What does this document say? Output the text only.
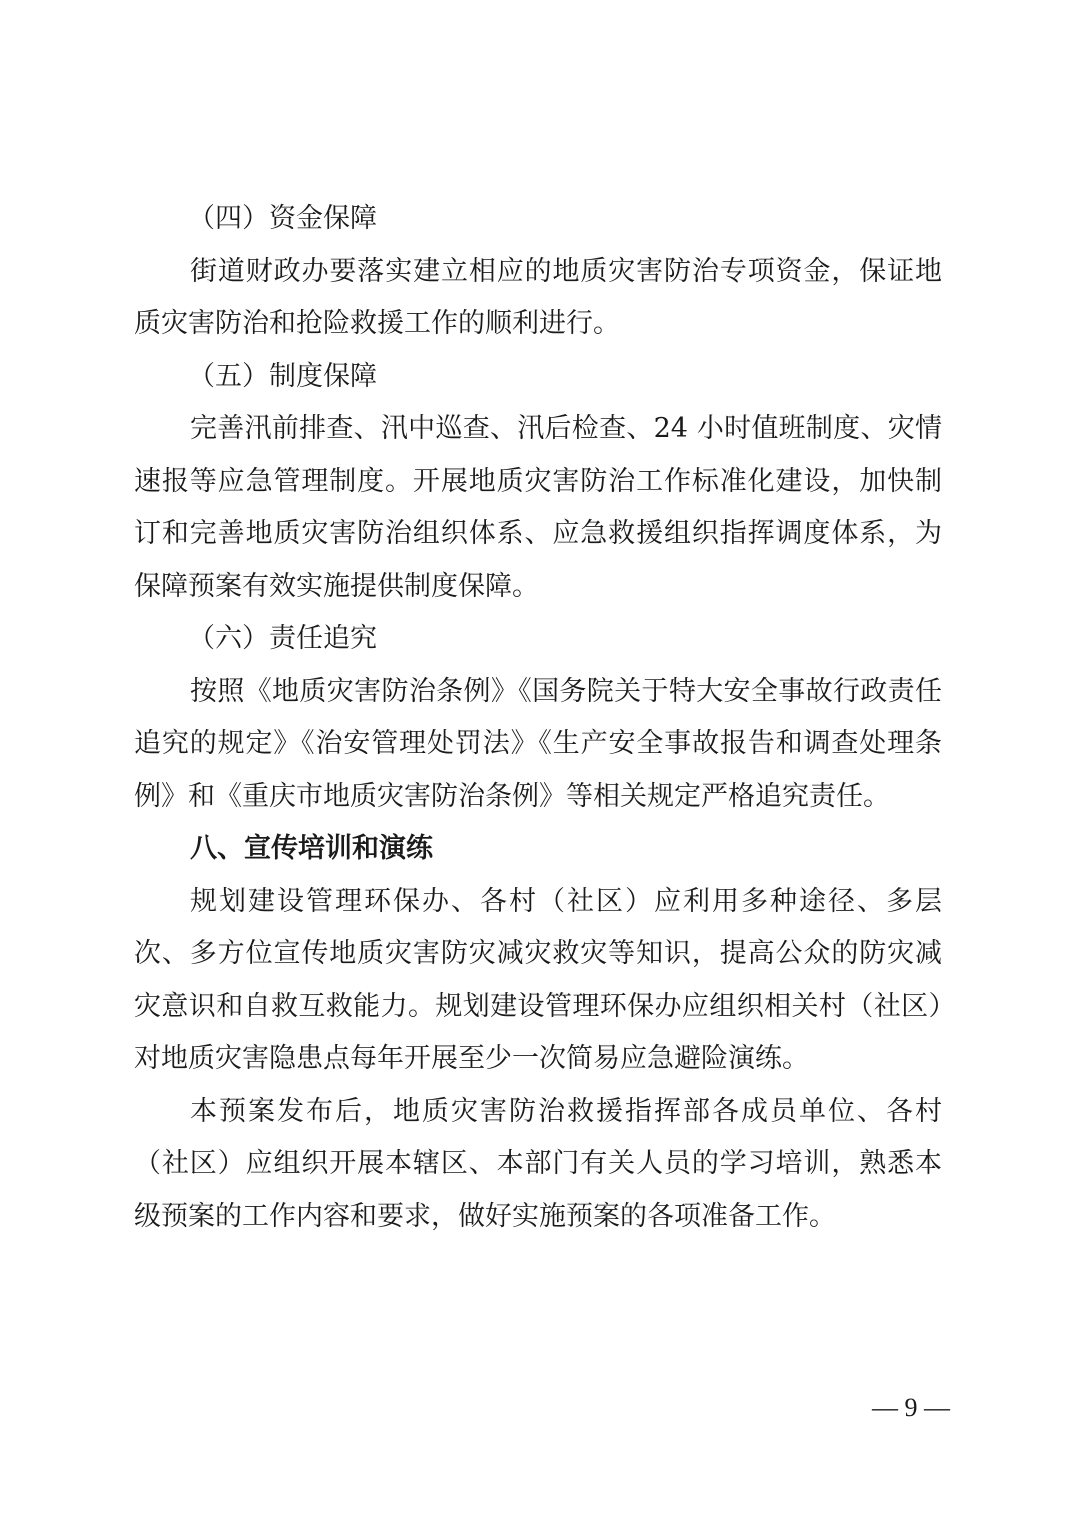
（四）资金保障

街道财政办要落实建立相应的地质灾害防治专项资金，保证地质灾害防治和抢险救援工作的顺利进行。

（五）制度保障

完善汛前排查、汛中巡查、汛后检查、24 小时值班制度、灾情速报等应急管理制度。开展地质灾害防治工作标准化建设，加快制订和完善地质灾害防治组织体系、应急救援组织指挥调度体系，为保障预案有效实施提供制度保障。

（六）责任追究

按照《地质灾害防治条例》《国务院关于特大安全事故行政责任追究的规定》《治安管理处罚法》《生产安全事故报告和调查处理条例》和《重庆市地质灾害防治条例》等相关规定严格追究责任。

八、宣传培训和演练

规划建设管理环保办、各村（社区）应利用多种途径、多层次、多方位宣传地质灾害防灾减灾救灾等知识，提高公众的防灾减灾意识和自救互救能力。规划建设管理环保办应组织相关村（社区）对地质灾害隐患点每年开展至少一次简易应急避险演练。

本预案发布后，地质灾害防治救援指挥部各成员单位、各村（社区）应组织开展本辖区、本部门有关人员的学习培训，熟悉本级预案的工作内容和要求，做好实施预案的各项准备工作。

— 9 —
